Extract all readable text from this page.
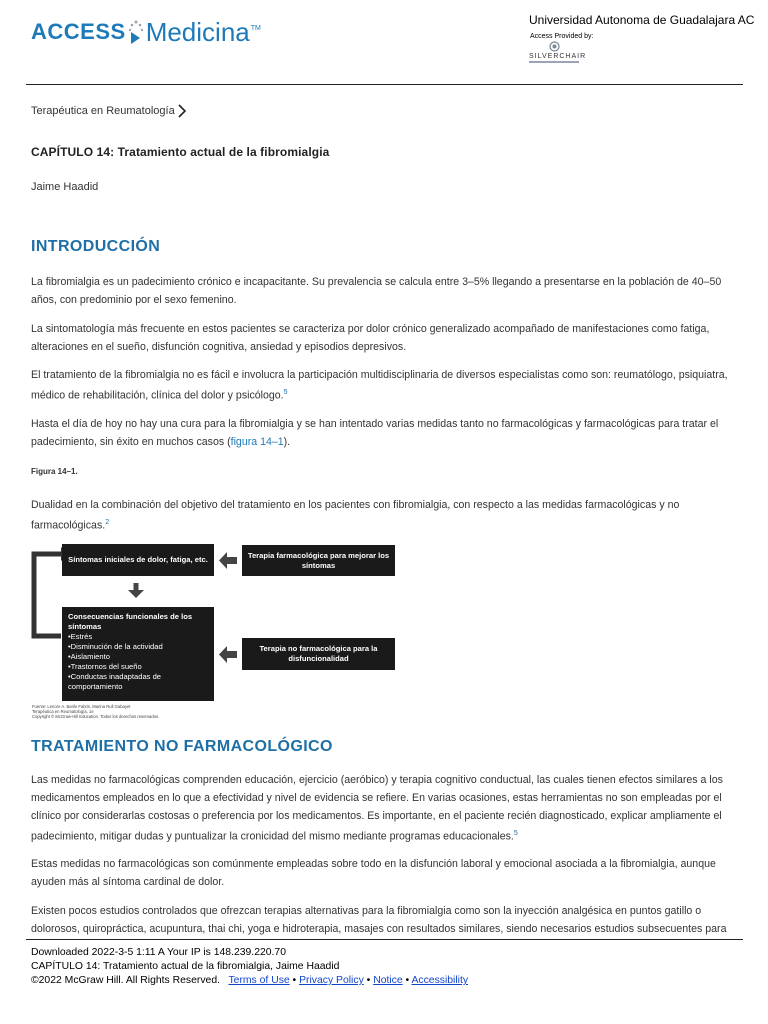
ACCESS Medicina TM
Universidad Autonoma de Guadalajara AC
Access Provided by:
SILVERCHAIR
Terapéutica en Reumatología
CAPÍTULO 14: Tratamiento actual de la fibromialgia
Jaime Haadid
INTRODUCCIÓN

La fibromialgia es un padecimiento crónico e incapacitante. Su prevalencia se calcula entre 3–5% llegando a presentarse en la población de 40–50 años, con predominio por el sexo femenino.

La sintomatología más frecuente en estos pacientes se caracteriza por dolor crónico generalizado acompañado de manifestaciones como fatiga, alteraciones en el sueño, disfunción cognitiva, ansiedad y episodios depresivos.

El tratamiento de la fibromialgia no es fácil e involucra la participación multidisciplinaria de diversos especialistas como son: reumatólogo, psiquiatra, médico de rehabilitación, clínica del dolor y psicólogo.$^5$

Hasta el día de hoy no hay una cura para la fibromialgia y se han intentado varias medidas tanto no farmacológicas y farmacológicas para tratar el padecimiento, sin éxito en muchos casos (figura 14–1).

Figura 14–1.

Dualidad en la combinación del objetivo del tratamiento en los pacientes con fibromialgia, con respecto a las medidas farmacológicas y no farmacológicas.$^2$

Síntomas iniciales de dolor, fatiga, etc.	Terapia farmacológica para mejorar los síntomas
Consecuencias funcionales de los síntomas
• Estrés
• Disminución de la actividad
• Aislamiento
• Trastornos del sueño
• Conductas inadaptadas de comportamiento
Terapia no farmacológica para la disfuncionalidad
Fuente: Lenore A. Barile Fabris, Marina Rull Gabayet
Terapéutica en Reumatología, 1e
Copyright © McGraw-Hill Education. Todos los derechos reservados.
TRATAMIENTO NO FARMACOLÓGICO

Las medidas no farmacológicas comprenden educación, ejercicio (aeróbico) y terapia cognitivo conductual, las cuales tienen efectos similares a los medicamentos empleados en lo que a efectividad y nivel de evidencia se refiere. En varias ocasiones, estas herramientas no son empleadas por el clínico por considerarlas costosas o preferencia por los medicamentos. Es importante, en el paciente recién diagnosticado, explicar ampliamente el padecimiento, mitigar dudas y puntualizar la cronicidad del mismo mediante programas educacionales.$^5$

Estas medidas no farmacológicas son comúnmente empleadas sobre todo en la disfunción laboral y emocional asociada a la fibromialgia, aunque ayuden más al síntoma cardinal de dolor.

Existen pocos estudios controlados que ofrezcan terapias alternativas para la fibromialgia como son la inyección analgésica en puntos gatillo o dolorosos, quiropráctica, acupuntura, thai chi, yoga e hidroterapia, masajes con resultados similares, siendo necesarios estudios subsecuentes para

Downloaded 2022-3-5 1:11 A Your IP is 148.239.220.70
CAPÍTULO 14: Tratamiento actual de la fibromialgia, Jaime Haadid
©2022 McGraw Hill. All Rights Reserved. Terms of Use • Privacy Policy • Notice • Accessibility
